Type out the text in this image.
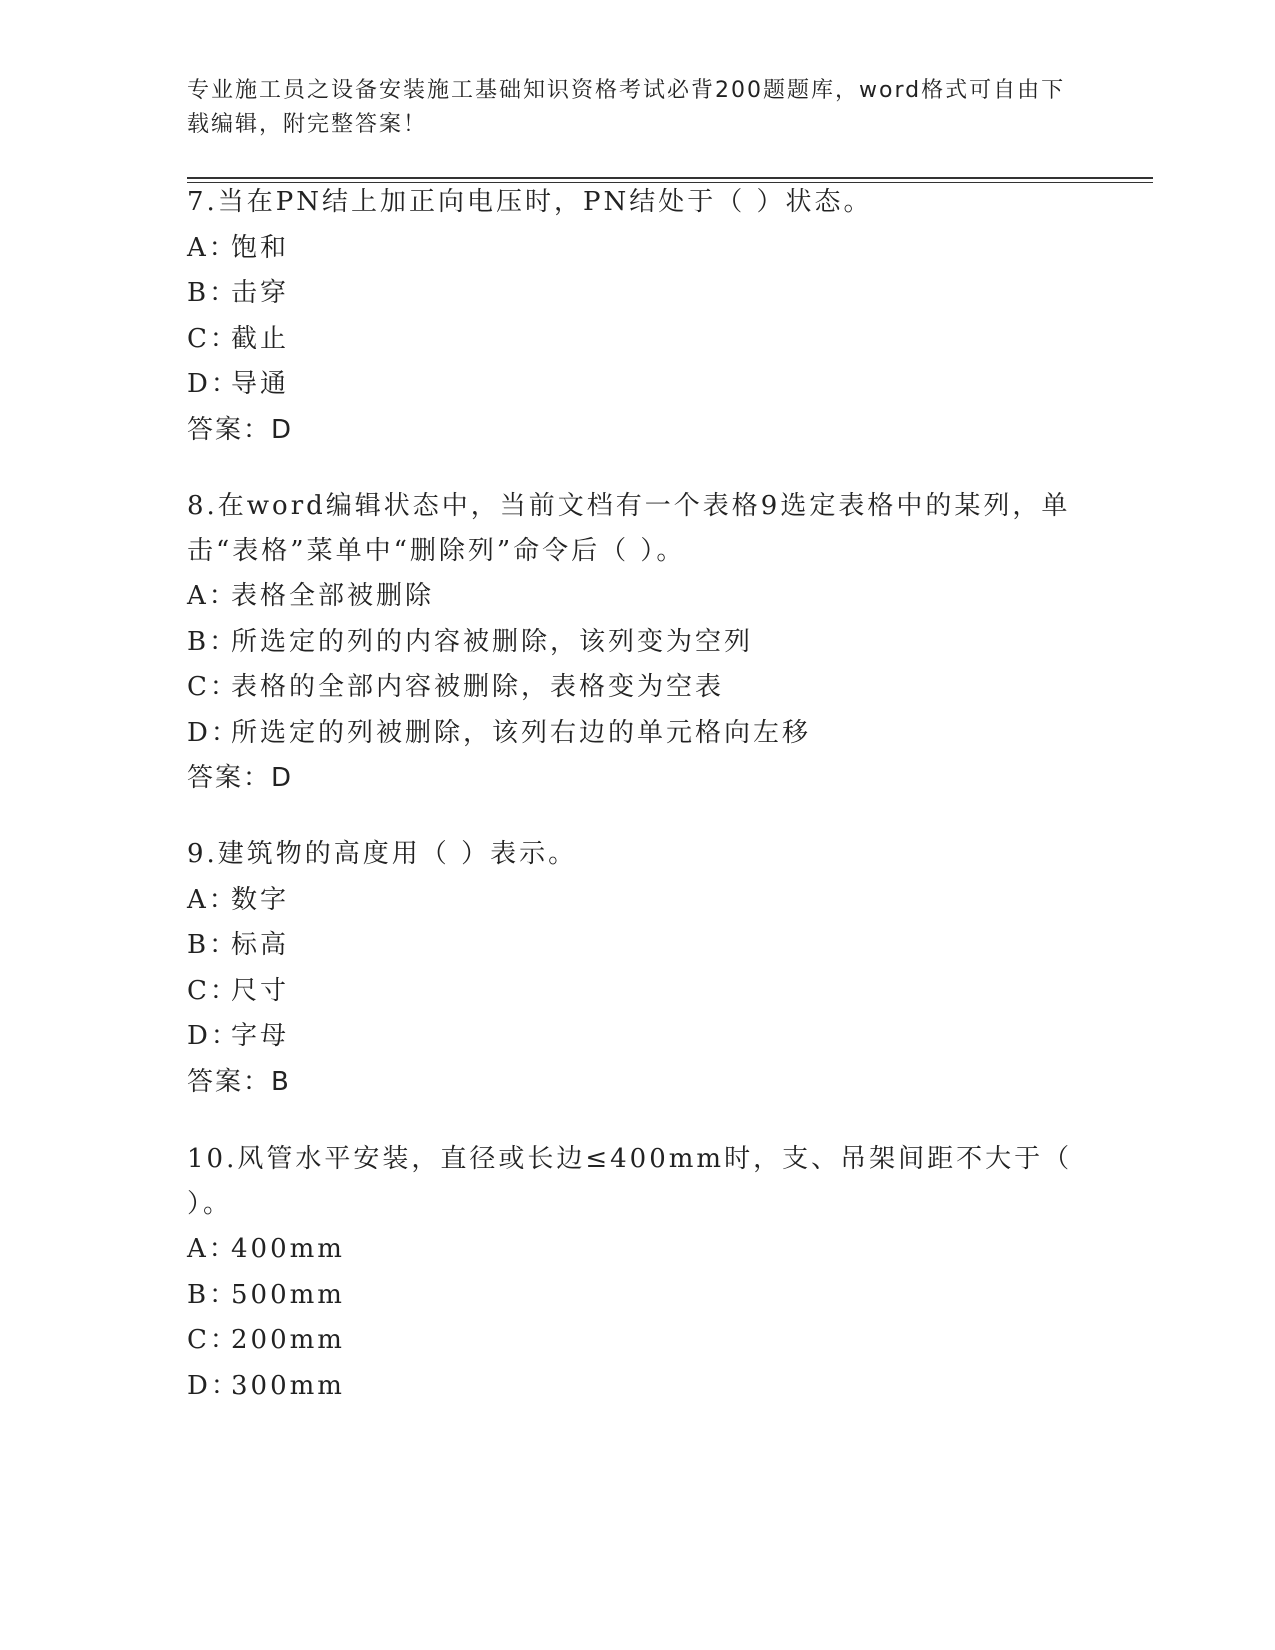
专业施工员之设备安装施工基础知识资格考试必背200题题库，word格式可自由下载编辑，附完整答案！
7.当在PN结上加正向电压时，PN结处于（ ）状态。
A：饱和
B：击穿
C：截止
D：导通
答案：D
8.在word编辑状态中，当前文档有一个表格9选定表格中的某列，单击“表格”菜单中“删除列”命令后（ ）。
A：表格全部被删除
B：所选定的列的内容被删除，该列变为空列
C：表格的全部内容被删除，表格变为空表
D：所选定的列被删除，该列右边的单元格向左移
答案：D
9.建筑物的高度用（ ）表示。
A：数字
B：标高
C：尺寸
D：字母
答案：B
10.风管水平安装，直径或长边≤400mm时，支、吊架间距不大于（ ）。
A：400mm
B：500mm
C：200mm
D：300mm
